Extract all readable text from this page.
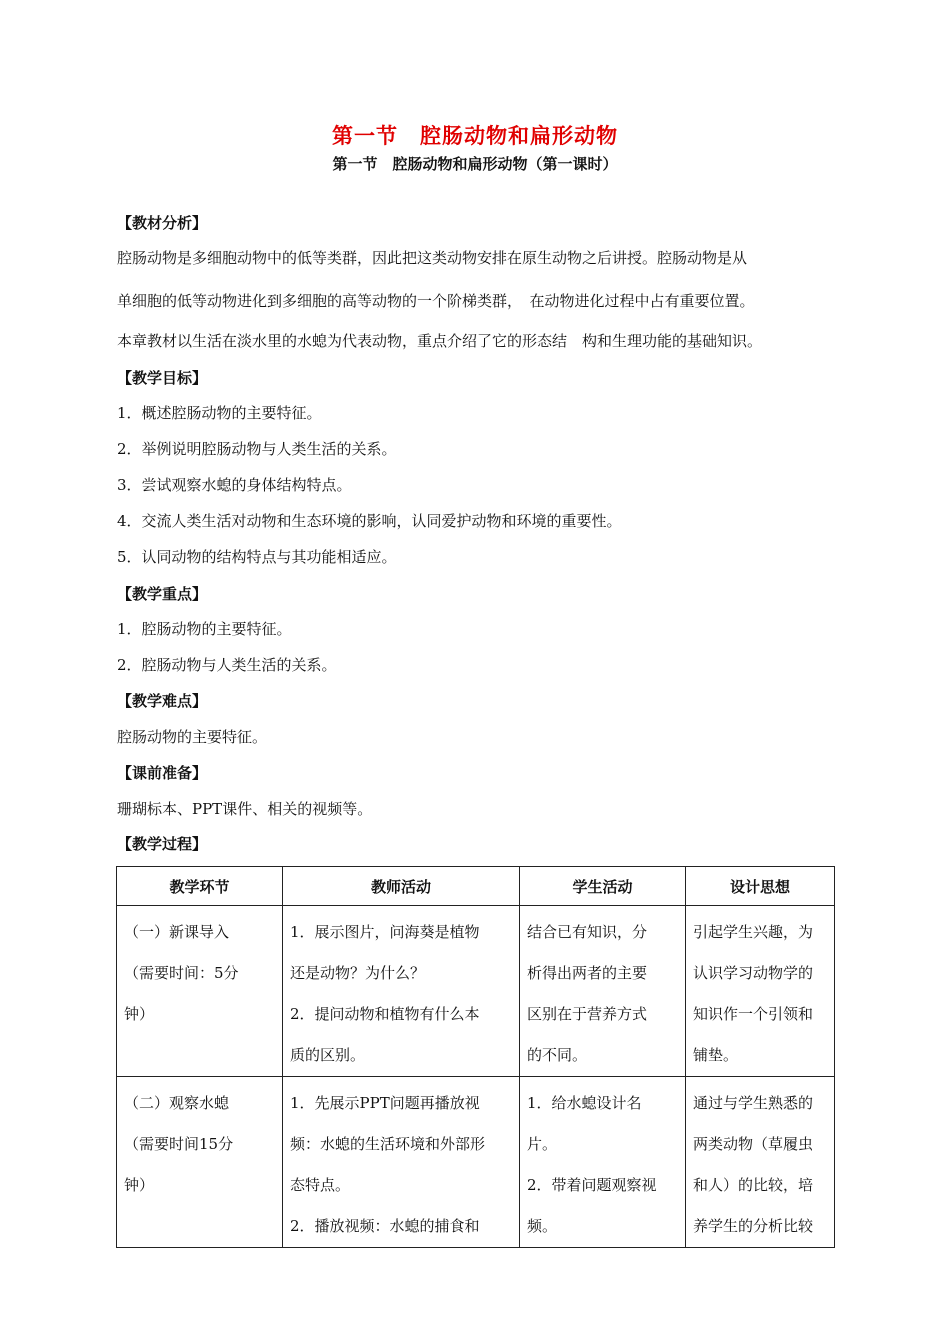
第一节　腔肠动物和扁形动物
第一节　腔肠动物和扁形动物（第一课时）
【教材分析】
腔肠动物是多细胞动物中的低等类群，因此把这类动物安排在原生动物之后讲授。腔肠动物是从
单细胞的低等动物进化到多细胞的高等动物的一个阶梯类群，　在动物进化过程中占有重要位置。
本章教材以生活在淡水里的水螅为代表动物，重点介绍了它的形态结　构和生理功能的基础知识。
【教学目标】
1．概述腔肠动物的主要特征。
2．举例说明腔肠动物与人类生活的关系。
3．尝试观察水螅的身体结构特点。
4．交流人类生活对动物和生态环境的影响，认同爱护动物和环境的重要性。
5．认同动物的结构特点与其功能相适应。
【教学重点】
1．腔肠动物的主要特征。
2．腔肠动物与人类生活的关系。
【教学难点】
腔肠动物的主要特征。
【课前准备】
珊瑚标本、PPT课件、相关的视频等。
【教学过程】
教学环节	教师活动	学生活动	设计思想

（一）新课导入
（需要时间：5分
钟）	1．展示图片，问海葵是植物
还是动物？为什么？
2．提问动物和植物有什么本
质的区别。	结合已有知识，分
析得出两者的主要
区别在于营养方式
的不同。	引起学生兴趣，为
认识学习动物学的
知识作一个引领和
铺垫。

（二）观察水螅
（需要时间15分
钟）	1．先展示PPT问题再播放视
频：水螅的生活环境和外部形
态特点。
2．播放视频：水螅的捕食和	1．给水螅设计名
片。
2．带着问题观察视
频。	通过与学生熟悉的
两类动物（草履虫
和人）的比较，培
养学生的分析比较
